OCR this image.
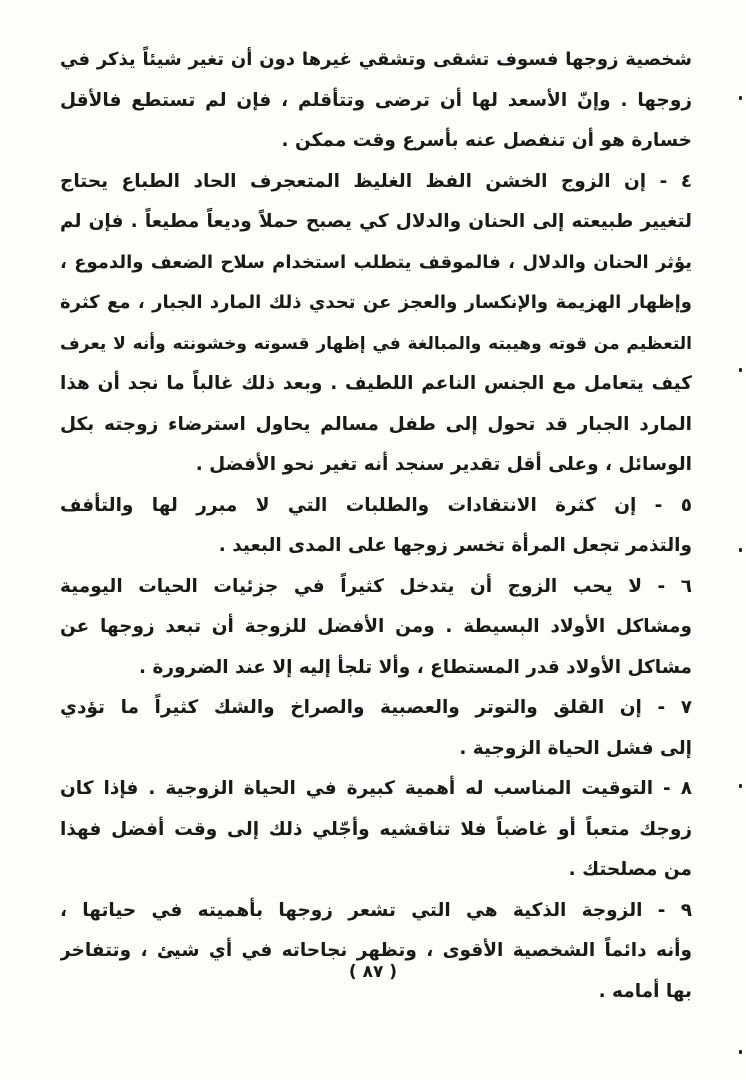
شخصية زوجها فسوف تشقى وتشقي غيرها دون أن تغير شيئاً يذكر في
زوجها . وإنّ الأسعد لها أن ترضى وتتأقلم ، فإن لم تستطع فالأقل
خسارة هو أن تنفصل عنه بأسرع وقت ممكن .
٤ - إن الزوج الخشن الفظ الغليظ المتعجرف الحاد الطباع يحتاج
لتغيير طبيعته إلى الحنان والدلال كي يصبح حملاً وديعاً مطيعاً . فإن لم
يؤثر الحنان والدلال ، فالموقف يتطلب استخدام سلاح الضعف والدموع ،
وإظهار الهزيمة والإنكسار والعجز عن تحدي ذلك المارد الجبار ، مع كثرة
التعظيم من قوته وهيبته والمبالغة في إظهار قسوته وخشونته وأنه لا يعرف
كيف يتعامل مع الجنس الناعم اللطيف . وبعد ذلك غالباً ما نجد أن هذا
المارد الجبار قد تحول إلى طفل مسالم يحاول استرضاء زوجته بكل
الوسائل ، وعلى أقل تقدير سنجد أنه تغير نحو الأفضل .
٥ - إن كثرة الانتقادات والطلبات التي لا مبرر لها والتأفف
والتذمر تجعل المرأة تخسر زوجها على المدى البعيد .
٦ - لا يحب الزوج أن يتدخل كثيراً في جزئيات الحيات اليومية
ومشاكل الأولاد البسيطة . ومن الأفضل للزوجة أن تبعد زوجها عن
مشاكل الأولاد قدر المستطاع ، وألا تلجأ إليه إلا عند الضرورة .
٧ - إن القلق والتوتر والعصبية والصراخ والشك كثيراً ما تؤدي
إلى فشل الحياة الزوجية .
٨ - التوقيت المناسب له أهمية كبيرة في الحياة الزوجية . فإذا كان
زوجك متعباً أو غاضباً فلا تناقشيه وأجّلي ذلك إلى وقت أفضل فهذا
من مصلحتك .
٩ - الزوجة الذكية هي التي تشعر زوجها بأهميته في حياتها ،
وأنه دائماً الشخصية الأقوى ، وتظهر نجاحاته في أي شيئ ، وتتفاخر
بها أمامه .
( ٨٧ )
